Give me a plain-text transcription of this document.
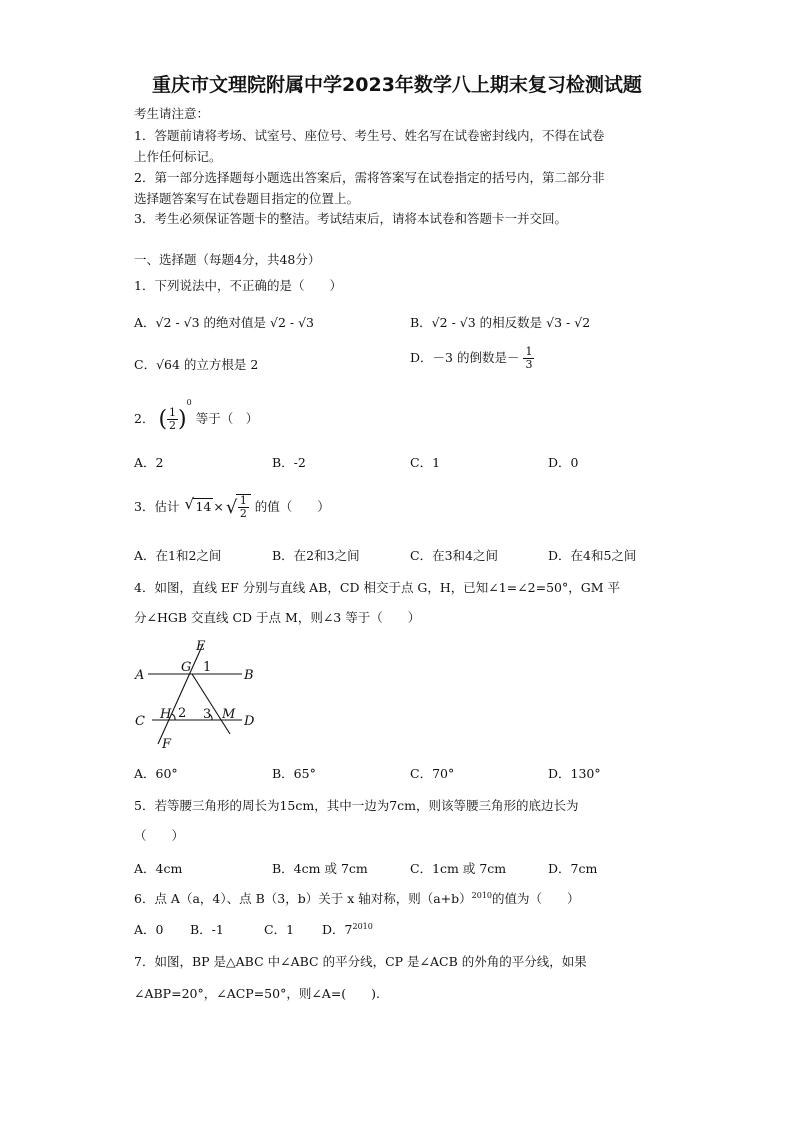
重庆市文理院附属中学2023年数学八上期末复习检测试题
考生请注意：
1．答题前请将考场、试室号、座位号、考生号、姓名写在试卷密封线内，不得在试卷
上作任何标记。
2．第一部分选择题每小题选出答案后，需将答案写在试卷指定的括号内，第二部分非
选择题答案写在试卷题目指定的位置上。
3．考生必须保证答题卡的整洁。考试结束后，请将本试卷和答题卡一并交回。
一、选择题（每题4分，共48分）
1．下列说法中，不正确的是（　　）
A．√2 - √3 的绝对值是 √2 - √3	B．√2 - √3 的相反数是 √3 - √2
C．√64 的立方根是 2	D．－3 的倒数是－ $\frac{1}{3}$
2． ( $\frac{1}{2} )^0$ 等于（　）
A．2	B．-2	C．1	D．0
3．估计 √ 14 × √ $\frac{1}{2}$ 的值（　　）
A．在1和2之间	B．在2和3之间	C．在3和4之间	D．在4和5之间
4．如图，直线 EF 分别与直线 AB，CD 相交于点 G，H，已知∠1=∠2=50°，GM 平
分∠HGB 交直线 CD 于点 M，则∠3 等于（　　）
E
G 1
A	B
2
H 3 M
C	D
F
A．60°	B．65°	C．70°	D．130°
5．若等腰三角形的周长为15cm，其中一边为7cm，则该等腰三角形的底边长为
（　　）
A．4cm	B．4cm 或 7cm	C．1cm 或 7cm	D．7cm
6．点 A（a，4）、点 B（3，b）关于 x 轴对称，则$(a+b)^{2010}$的值为（　　）
A．0 B．-1	C．1 D．$7^{2010}$
7．如图，BP 是△ABC 中∠ABC 的平分线，CP 是∠ACB 的外角的平分线，如果
∠ABP=20°，∠ACP=50°，则∠A=(　　).
